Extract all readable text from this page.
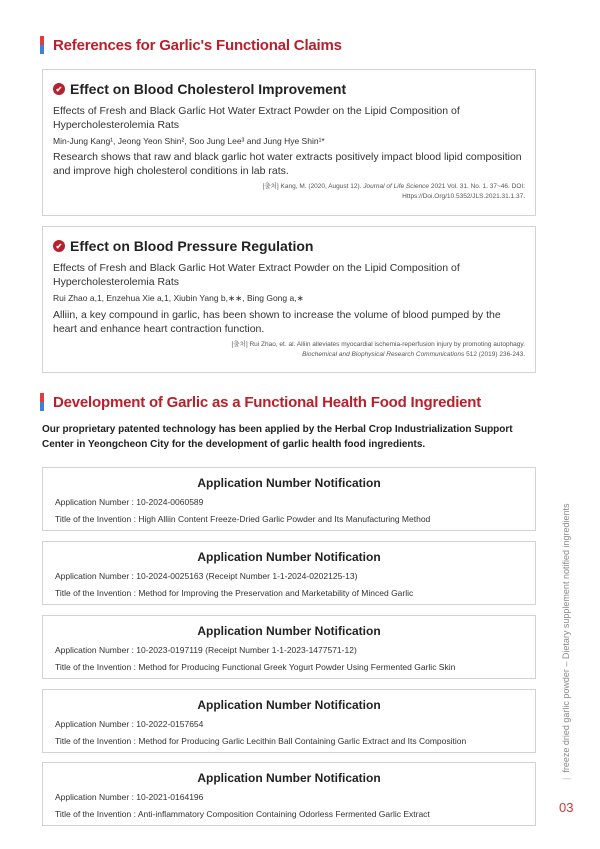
References for Garlic's Functional Claims
✔ Effect on Blood Cholesterol Improvement
Effects of Fresh and Black Garlic Hot Water Extract Powder on the Lipid Composition of Hypercholesterolemia Rats
Min-Jung Kang¹, Jeong Yeon Shin², Soo Jung Lee³ and Jung Hye Shin¹*
Research shows that raw and black garlic hot water extracts positively impact blood lipid composition and improve high cholesterol conditions in lab rats.
[출처] Kang, M. (2020, August 12). Journal of Life Science 2021 Vol. 31. No. 1. 37~46. DOI:
Https://Doi.Org/10.5352/JLS.2021.31.1.37.
✔ Effect on Blood Pressure Regulation
Effects of Fresh and Black Garlic Hot Water Extract Powder on the Lipid Composition of Hypercholesterolemia Rats
Rui Zhao a,1, Enzehua Xie a,1, Xiubin Yang b,∗∗, Bing Gong a,∗
Alliin, a key compound in garlic, has been shown to increase the volume of blood pumped by the heart and enhance heart contraction function.
[출처] Rui Zhao, et. al. Alliin alleviates myocardial ischemia-reperfusion injury by promoting autophagy.
Biochemical and Biophysical Research Communications 512 (2019) 236-243.
Development of Garlic as a Functional Health Food Ingredient
Our proprietary patented technology has been applied by the Herbal Crop Industrialization Support Center in Yeongcheon City for the development of garlic health food ingredients.
Application Number Notification
Application Number : 10-2024-0060589
Title of the Invention : High Alliin Content Freeze-Dried Garlic Powder and Its Manufacturing Method
Application Number Notification
Application Number : 10-2024-0025163 (Receipt Number 1-1-2024-0202125-13)
Title of the Invention : Method for Improving the Preservation and Marketability of Minced Garlic
Application Number Notification
Application Number : 10-2023-0197119 (Receipt Number 1-1-2023-1477571-12)
Title of the Invention : Method for Producing Functional Greek Yogurt Powder Using Fermented Garlic Skin
Application Number Notification
Application Number : 10-2022-0157654
Title of the Invention : Method for Producing Garlic Lecithin Ball Containing Garlic Extract and Its Composition
Application Number Notification
Application Number : 10-2021-0164196
Title of the Invention : Anti-inflammatory Composition Containing Odorless Fermented Garlic Extract
|  freeze dried garlic powder – Dietary supplement notified ingredients
03
